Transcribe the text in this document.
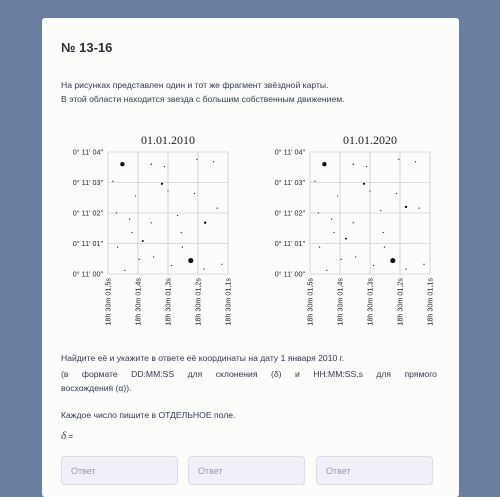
№ 13-16
На рисунках представлен один и тот же фрагмент звёздной карты.
В этой области находится звезда с большим собственным движением.
01.01.2010
0° 11′ 04″
0° 11′ 03″
0° 11′ 02″
0° 11′ 01″
0° 11′ 00″
18h 30m 01,5s	18h 30m 01,4s	18h 30m 01,3s	18h 30m 01,2s	18h 30m 01,1s
01.01.2020
0° 11′ 04″
0° 11′ 03″
0° 11′ 02″
0° 11′ 01″
0° 11′ 00″
18h 30m 01,5s	18h 30m 01,4s	18h 30m 01,3s	18h 30m 01,2s	18h 30m 01,1s
Найдите её и укажите в ответе её координаты на дату 1 января 2010 г.
(в формате DD:MM:SS для склонения (δ) и HH:MM:SS,s для прямого
восхождения (α)).
Каждое число пишите в ОТДЕЛЬНОЕ поле.
δ =
Ответ
Ответ
Ответ
